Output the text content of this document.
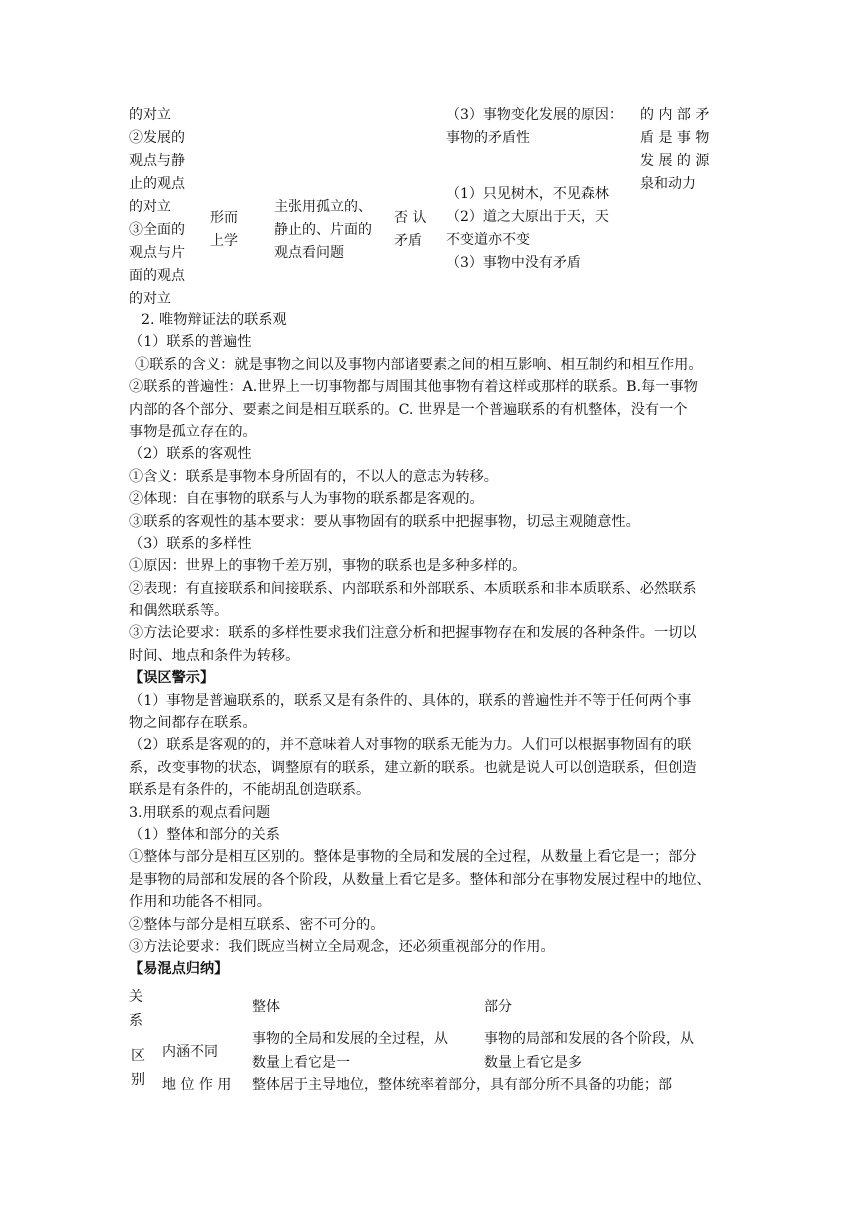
的对立
②发展的
观点与静
止的观点
的对立
③全面的
观点与片
面的观点
的对立
形而
上学
主张用孤立的、
静止的、片面的
观点看问题
否 认
矛盾
（3）事物变化发展的原因：
事物的矛盾性
（1）只见树木，不见森林
（2）道之大原出于天，天
不变道亦不变
（3）事物中没有矛盾
的 内 部 矛
盾 是 事 物
发 展 的 源
泉和动力
2. 唯物辩证法的联系观
（1）联系的普遍性
①联系的含义：就是事物之间以及事物内部诸要素之间的相互影响、相互制约和相互作用。
②联系的普遍性：A.世界上一切事物都与周围其他事物有着这样或那样的联系。B.每一事物
内部的各个部分、要素之间是相互联系的。C. 世界是一个普遍联系的有机整体，没有一个
事物是孤立存在的。
（2）联系的客观性
①含义：联系是事物本身所固有的，不以人的意志为转移。
②体现：自在事物的联系与人为事物的联系都是客观的。
③联系的客观性的基本要求：要从事物固有的联系中把握事物，切忌主观随意性。
（3）联系的多样性
①原因：世界上的事物千差万别，事物的联系也是多种多样的。
②表现：有直接联系和间接联系、内部联系和外部联系、本质联系和非本质联系、必然联系
和偶然联系等。
③方法论要求：联系的多样性要求我们注意分析和把握事物存在和发展的各种条件。一切以
时间、地点和条件为转移。
【误区警示】
（1）事物是普遍联系的，联系又是有条件的、具体的，联系的普遍性并不等于任何两个事
物之间都存在联系。
（2）联系是客观的的，并不意味着人对事物的联系无能为力。人们可以根据事物固有的联
系，改变事物的状态，调整原有的联系，建立新的联系。也就是说人可以创造联系，但创造
联系是有条件的，不能胡乱创造联系。
3.用联系的观点看问题
（1）整体和部分的关系
①整体与部分是相互区别的。整体是事物的全局和发展的全过程，从数量上看它是一；部分
是事物的局部和发展的各个阶段，从数量上看它是多。整体和部分在事物发展过程中的地位、
作用和功能各不相同。
②整体与部分是相互联系、密不可分的。
③方法论要求：我们既应当树立全局观念，还必须重视部分的作用。
【易混点归纳】
关
系
整体	部分
区
别
内涵不同
事物的全局和发展的全过程，从
数量上看它是一
事物的局部和发展的各个阶段，从
数量上看它是多
地 位 作 用 整体居于主导地位，整体统率着部分，具有部分所不具备的功能；部
